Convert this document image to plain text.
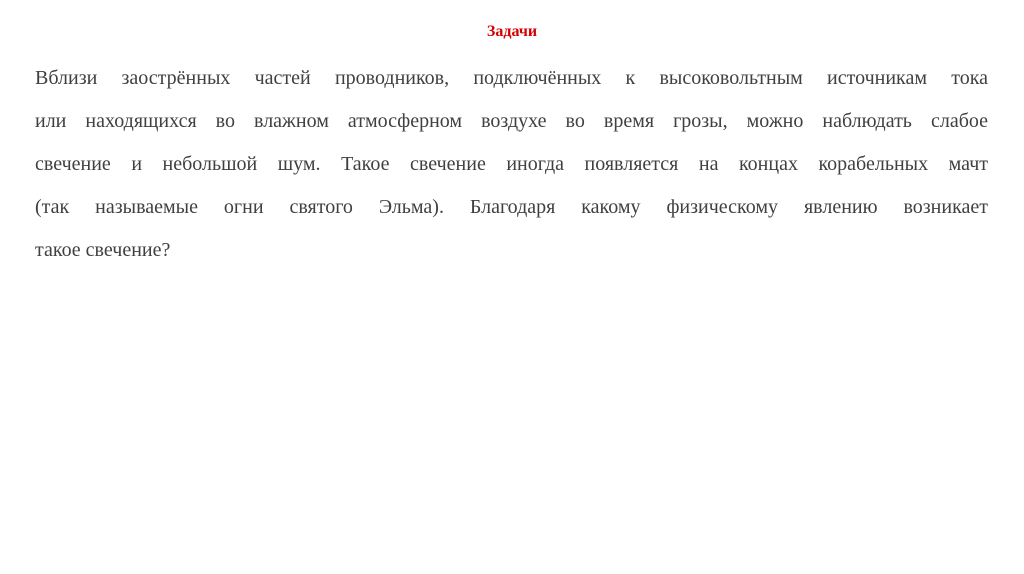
Задачи
Вблизи заострённых частей проводников, подключённых к высоковольтным источникам тока
или находящихся во влажном атмосферном воздухе во время грозы, можно наблюдать слабое
свечение и небольшой шум. Такое свечение иногда появляется на концах корабельных мачт
(так называемые огни святого Эльма). Благодаря какому физическому явлению возникает
такое свечение?
